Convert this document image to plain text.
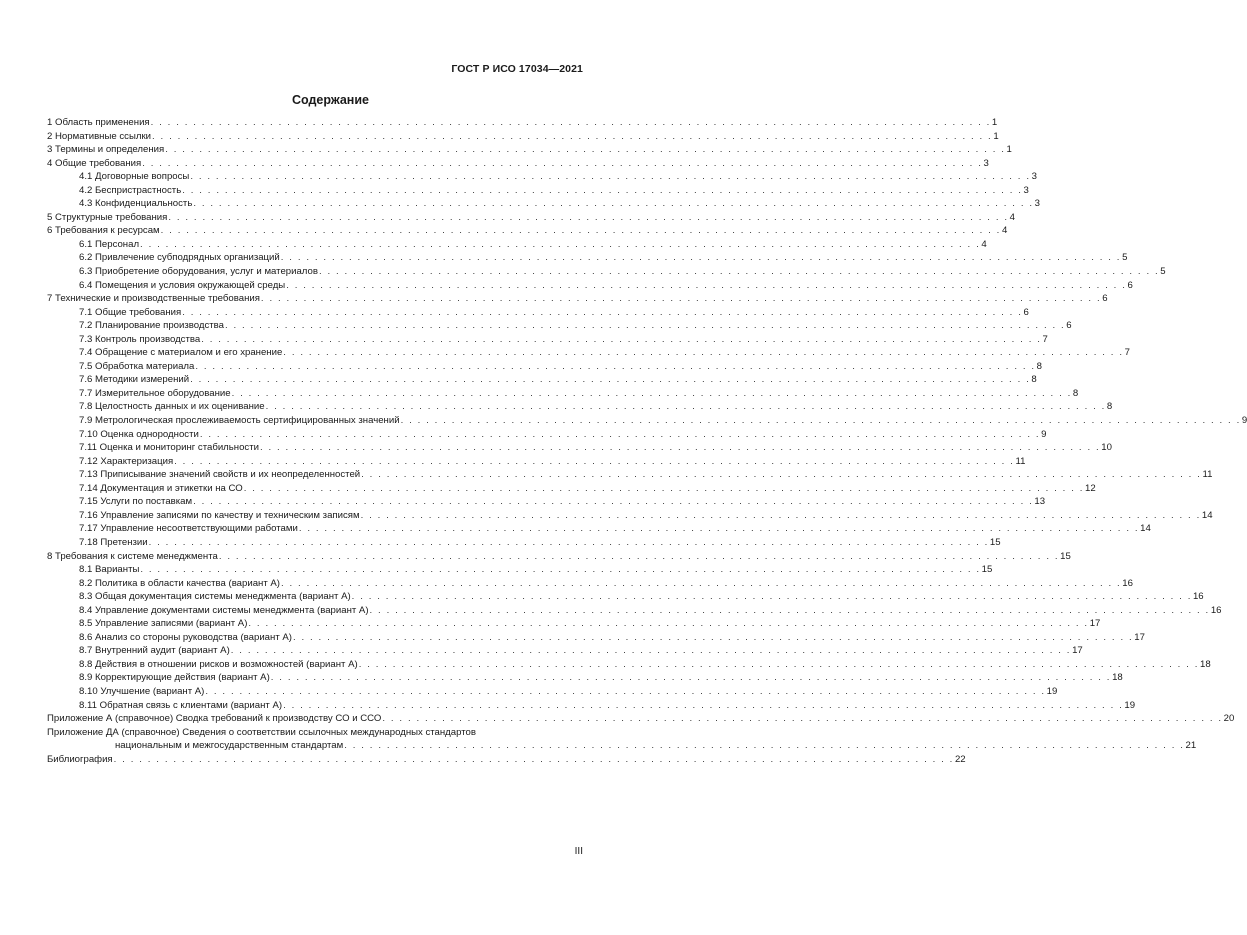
ГОСТ Р ИСО 17034—2021
Содержание
1 Область применения . . . . . . . . . . . . . . . . . . . . . . . . . . . . . . . . . . . . . . . . . . . . . . . . . . . . . . . . . . . . . . . . . . . . . . . . . . . . . . . . . . . . . . . . . . . . . . . . . . . 1
2 Нормативные ссылки . . . . . . . . . . . . . . . . . . . . . . . . . . . . . . . . . . . . . . . . . . . . . . . . . . . . . . . . . . . . . . . . . . . . . . . . . . . . . . . . . . . . . . . . . . . . . . . . . . . 1
3 Термины и определения . . . . . . . . . . . . . . . . . . . . . . . . . . . . . . . . . . . . . . . . . . . . . . . . . . . . . . . . . . . . . . . . . . . . . . . . . . . . . . . . . . . . . . . . . . . . . . . . . . . 1
4 Общие требования . . . . . . . . . . . . . . . . . . . . . . . . . . . . . . . . . . . . . . . . . . . . . . . . . . . . . . . . . . . . . . . . . . . . . . . . . . . . . . . . . . . . . . . . . . . . . . . . . . . 3
4.1 Договорные вопросы . . . . . . . . . . . . . . . . . . . . . . . . . . . . . . . . . . . . . . . . . . . . . . . . . . . . . . . . . . . . . . . . . . . . . . . . . . . . . . . . . . . . . . . . . . . . . . . . . . . 3
4.2 Беспристрастность . . . . . . . . . . . . . . . . . . . . . . . . . . . . . . . . . . . . . . . . . . . . . . . . . . . . . . . . . . . . . . . . . . . . . . . . . . . . . . . . . . . . . . . . . . . . . . . . . . . 3
4.3 Конфиденциальность . . . . . . . . . . . . . . . . . . . . . . . . . . . . . . . . . . . . . . . . . . . . . . . . . . . . . . . . . . . . . . . . . . . . . . . . . . . . . . . . . . . . . . . . . . . . . . . . . . . 3
5 Структурные требования . . . . . . . . . . . . . . . . . . . . . . . . . . . . . . . . . . . . . . . . . . . . . . . . . . . . . . . . . . . . . . . . . . . . . . . . . . . . . . . . . . . . . . . . . . . . . . . . . . . 4
6 Требования к ресурсам . . . . . . . . . . . . . . . . . . . . . . . . . . . . . . . . . . . . . . . . . . . . . . . . . . . . . . . . . . . . . . . . . . . . . . . . . . . . . . . . . . . . . . . . . . . . . . . . . . . 4
6.1 Персонал . . . . . . . . . . . . . . . . . . . . . . . . . . . . . . . . . . . . . . . . . . . . . . . . . . . . . . . . . . . . . . . . . . . . . . . . . . . . . . . . . . . . . . . . . . . . . . . . . . . 4
6.2 Привлечение субподрядных организаций . . . . . . . . . . . . . . . . . . . . . . . . . . . . . . . . . . . . . . . . . . . . . . . . . . . . . . . . . . . . . . . . . . . . . . . . . . . . . . . . . . . . . . . . . . . . . . . . . . . 5
6.3 Приобретение оборудования, услуг и материалов . . . . . . . . . . . . . . . . . . . . . . . . . . . . . . . . . . . . . . . . . . . . . . . . . . . . . . . . . . . . . . . . . . . . . . . . . . . . . . . . . . . . . . . . . . . . . . . . . . . 5
6.4 Помещения и условия окружающей среды . . . . . . . . . . . . . . . . . . . . . . . . . . . . . . . . . . . . . . . . . . . . . . . . . . . . . . . . . . . . . . . . . . . . . . . . . . . . . . . . . . . . . . . . . . . . . . . . . . . 6
7 Технические и производственные требования . . . . . . . . . . . . . . . . . . . . . . . . . . . . . . . . . . . . . . . . . . . . . . . . . . . . . . . . . . . . . . . . . . . . . . . . . . . . . . . . . . . . . . . . . . . . . . . . . . . 6
7.1 Общие требования . . . . . . . . . . . . . . . . . . . . . . . . . . . . . . . . . . . . . . . . . . . . . . . . . . . . . . . . . . . . . . . . . . . . . . . . . . . . . . . . . . . . . . . . . . . . . . . . . . . 6
7.2 Планирование производства . . . . . . . . . . . . . . . . . . . . . . . . . . . . . . . . . . . . . . . . . . . . . . . . . . . . . . . . . . . . . . . . . . . . . . . . . . . . . . . . . . . . . . . . . . . . . . . . . . . 6
7.3 Контроль производства . . . . . . . . . . . . . . . . . . . . . . . . . . . . . . . . . . . . . . . . . . . . . . . . . . . . . . . . . . . . . . . . . . . . . . . . . . . . . . . . . . . . . . . . . . . . . . . . . . . 7
7.4 Обращение с материалом и его хранение . . . . . . . . . . . . . . . . . . . . . . . . . . . . . . . . . . . . . . . . . . . . . . . . . . . . . . . . . . . . . . . . . . . . . . . . . . . . . . . . . . . . . . . . . . . . . . . . . . . 7
7.5 Обработка материала . . . . . . . . . . . . . . . . . . . . . . . . . . . . . . . . . . . . . . . . . . . . . . . . . . . . . . . . . . . . . . . . . . . . . . . . . . . . . . . . . . . . . . . . . . . . . . . . . . . 8
7.6 Методики измерений . . . . . . . . . . . . . . . . . . . . . . . . . . . . . . . . . . . . . . . . . . . . . . . . . . . . . . . . . . . . . . . . . . . . . . . . . . . . . . . . . . . . . . . . . . . . . . . . . . . 8
7.7 Измерительное оборудование . . . . . . . . . . . . . . . . . . . . . . . . . . . . . . . . . . . . . . . . . . . . . . . . . . . . . . . . . . . . . . . . . . . . . . . . . . . . . . . . . . . . . . . . . . . . . . . . . . . 8
7.8 Целостность данных и их оценивание . . . . . . . . . . . . . . . . . . . . . . . . . . . . . . . . . . . . . . . . . . . . . . . . . . . . . . . . . . . . . . . . . . . . . . . . . . . . . . . . . . . . . . . . . . . . . . . . . . . 8
7.9 Метрологическая прослеживаемость сертифицированных значений . . . . . . . . . . . . . . . . . . . . . . . . . . . . . . . . . . . . . . . . . . . . . . . . . . . . . . . . . . . . . . . . . . . . . . . . . . . . . . . . . . . . . . . . . . . . . . . . . . . 9
7.10 Оценка однородности . . . . . . . . . . . . . . . . . . . . . . . . . . . . . . . . . . . . . . . . . . . . . . . . . . . . . . . . . . . . . . . . . . . . . . . . . . . . . . . . . . . . . . . . . . . . . . . . . . . 9
7.11 Оценка и мониторинг стабильности . . . . . . . . . . . . . . . . . . . . . . . . . . . . . . . . . . . . . . . . . . . . . . . . . . . . . . . . . . . . . . . . . . . . . . . . . . . . . . . . . . . . . . . . . . . . . . . . . . . 10
7.12 Характеризация . . . . . . . . . . . . . . . . . . . . . . . . . . . . . . . . . . . . . . . . . . . . . . . . . . . . . . . . . . . . . . . . . . . . . . . . . . . . . . . . . . . . . . . . . . . . . . . . . . . 11
7.13 Приписывание значений свойств и их неопределенностей . . . . . . . . . . . . . . . . . . . . . . . . . . . . . . . . . . . . . . . . . . . . . . . . . . . . . . . . . . . . . . . . . . . . . . . . . . . . . . . . . . . . . . . . . . . . . . . . . . . 11
7.14 Документация и этикетки на СО . . . . . . . . . . . . . . . . . . . . . . . . . . . . . . . . . . . . . . . . . . . . . . . . . . . . . . . . . . . . . . . . . . . . . . . . . . . . . . . . . . . . . . . . . . . . . . . . . . . 12
7.15 Услуги по поставкам . . . . . . . . . . . . . . . . . . . . . . . . . . . . . . . . . . . . . . . . . . . . . . . . . . . . . . . . . . . . . . . . . . . . . . . . . . . . . . . . . . . . . . . . . . . . . . . . . . . 13
7.16 Управление записями по качеству и техническим записям . . . . . . . . . . . . . . . . . . . . . . . . . . . . . . . . . . . . . . . . . . . . . . . . . . . . . . . . . . . . . . . . . . . . . . . . . . . . . . . . . . . . . . . . . . . . . . . . . . . 14
7.17 Управление несоответствующими работами . . . . . . . . . . . . . . . . . . . . . . . . . . . . . . . . . . . . . . . . . . . . . . . . . . . . . . . . . . . . . . . . . . . . . . . . . . . . . . . . . . . . . . . . . . . . . . . . . . . 14
7.18 Претензии . . . . . . . . . . . . . . . . . . . . . . . . . . . . . . . . . . . . . . . . . . . . . . . . . . . . . . . . . . . . . . . . . . . . . . . . . . . . . . . . . . . . . . . . . . . . . . . . . . . 15
8 Требования к системе менеджмента . . . . . . . . . . . . . . . . . . . . . . . . . . . . . . . . . . . . . . . . . . . . . . . . . . . . . . . . . . . . . . . . . . . . . . . . . . . . . . . . . . . . . . . . . . . . . . . . . . . 15
8.1 Варианты . . . . . . . . . . . . . . . . . . . . . . . . . . . . . . . . . . . . . . . . . . . . . . . . . . . . . . . . . . . . . . . . . . . . . . . . . . . . . . . . . . . . . . . . . . . . . . . . . . . 15
8.2 Политика в области качества (вариант А) . . . . . . . . . . . . . . . . . . . . . . . . . . . . . . . . . . . . . . . . . . . . . . . . . . . . . . . . . . . . . . . . . . . . . . . . . . . . . . . . . . . . . . . . . . . . . . . . . . . 16
8.3 Общая документация системы менеджмента (вариант А) . . . . . . . . . . . . . . . . . . . . . . . . . . . . . . . . . . . . . . . . . . . . . . . . . . . . . . . . . . . . . . . . . . . . . . . . . . . . . . . . . . . . . . . . . . . . . . . . . . . 16
8.4 Управление документами системы менеджмента (вариант А) . . . . . . . . . . . . . . . . . . . . . . . . . . . . . . . . . . . . . . . . . . . . . . . . . . . . . . . . . . . . . . . . . . . . . . . . . . . . . . . . . . . . . . . . . . . . . . . . . . . 16
8.5 Управление записями (вариант А) . . . . . . . . . . . . . . . . . . . . . . . . . . . . . . . . . . . . . . . . . . . . . . . . . . . . . . . . . . . . . . . . . . . . . . . . . . . . . . . . . . . . . . . . . . . . . . . . . . . 17
8.6 Анализ со стороны руководства (вариант А) . . . . . . . . . . . . . . . . . . . . . . . . . . . . . . . . . . . . . . . . . . . . . . . . . . . . . . . . . . . . . . . . . . . . . . . . . . . . . . . . . . . . . . . . . . . . . . . . . . . 17
8.7 Внутренний аудит (вариант А) . . . . . . . . . . . . . . . . . . . . . . . . . . . . . . . . . . . . . . . . . . . . . . . . . . . . . . . . . . . . . . . . . . . . . . . . . . . . . . . . . . . . . . . . . . . . . . . . . . . 17
8.8 Действия в отношении рисков и возможностей (вариант А) . . . . . . . . . . . . . . . . . . . . . . . . . . . . . . . . . . . . . . . . . . . . . . . . . . . . . . . . . . . . . . . . . . . . . . . . . . . . . . . . . . . . . . . . . . . . . . . . . . . 18
8.9 Корректирующие действия (вариант А) . . . . . . . . . . . . . . . . . . . . . . . . . . . . . . . . . . . . . . . . . . . . . . . . . . . . . . . . . . . . . . . . . . . . . . . . . . . . . . . . . . . . . . . . . . . . . . . . . . . 18
8.10 Улучшение (вариант А) . . . . . . . . . . . . . . . . . . . . . . . . . . . . . . . . . . . . . . . . . . . . . . . . . . . . . . . . . . . . . . . . . . . . . . . . . . . . . . . . . . . . . . . . . . . . . . . . . . . 19
8.11 Обратная связь с клиентами (вариант А) . . . . . . . . . . . . . . . . . . . . . . . . . . . . . . . . . . . . . . . . . . . . . . . . . . . . . . . . . . . . . . . . . . . . . . . . . . . . . . . . . . . . . . . . . . . . . . . . . . . 19
Приложение А (справочное) Сводка требований к производству СО и ССО . . . . . . . . . . . . . . . . . . . . . . . . . . . . . . . . . . . . . . . . . . . . . . . . . . . . . . . . . . . . . . . . . . . . . . . . . . . . . . . . . . . . . . . . . . . . . . . . . . . 20
Приложение ДА (справочное) Сведения о соответствии ссылочных международных стандартов
национальным и межгосударственным стандартам . . . . . . . . . . . . . . . . . . . . . . . . . . . . . . . . . . . . . . . . . . . . . . . . . . . . . . . . . . . . . . . . . . . . . . . . . . . . . . . . . . . . . . . . . . . . . . . . . . . 21
Библиография . . . . . . . . . . . . . . . . . . . . . . . . . . . . . . . . . . . . . . . . . . . . . . . . . . . . . . . . . . . . . . . . . . . . . . . . . . . . . . . . . . . . . . . . . . . . . . . . . . . 22
III
